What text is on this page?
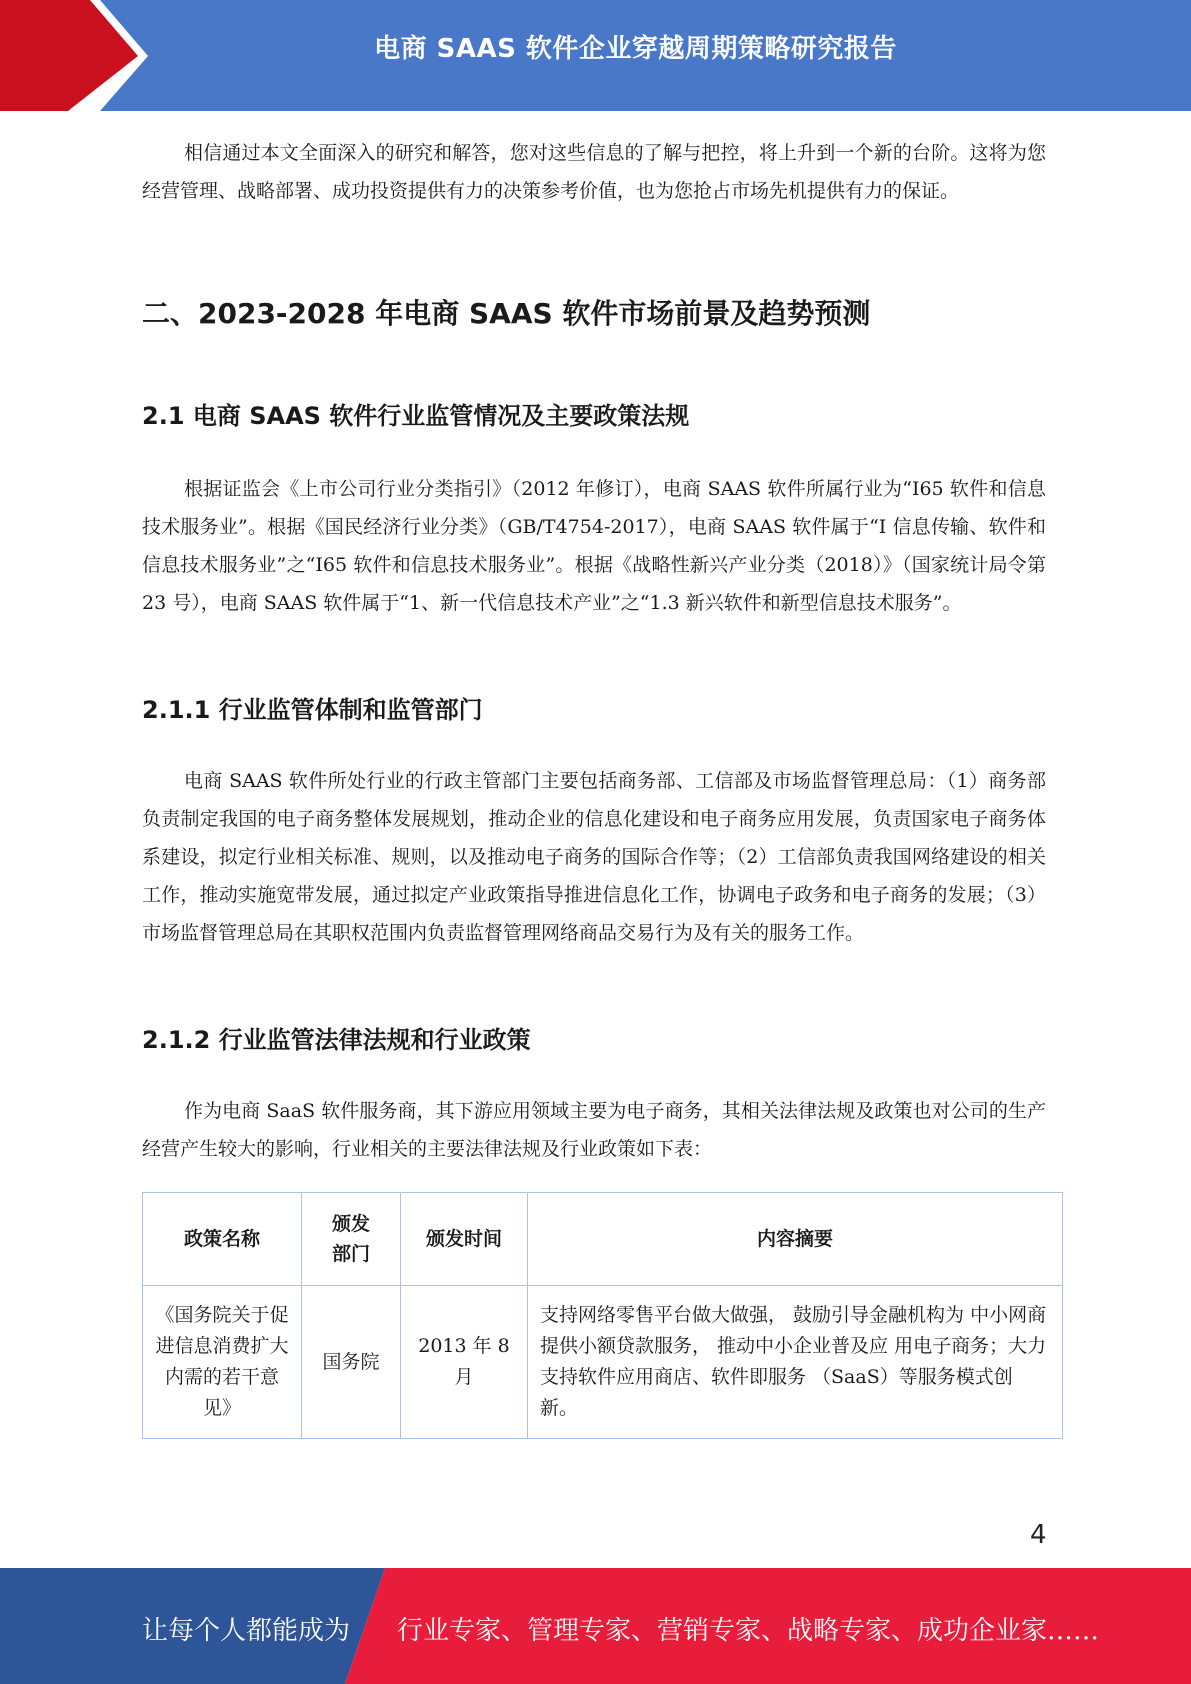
电商 SAAS 软件企业穿越周期策略研究报告

相信通过本文全面深入的研究和解答，您对这些信息的了解与把控，将上升到一个新的台阶。这将为您经营管理、战略部署、成功投资提供有力的决策参考价值，也为您抢占市场先机提供有力的保证。

二、2023-2028 年电商 SAAS 软件市场前景及趋势预测
2.1 电商 SAAS 软件行业监管情况及主要政策法规

根据证监会《上市公司行业分类指引》（2012 年修订），电商 SAAS 软件所属行业为“I65 软件和信息技术服务业”。根据《国民经济行业分类》（GB/T4754-2017），电商 SAAS 软件属于“I 信息传输、软件和信息技术服务业”之“I65 软件和信息技术服务业”。根据《战略性新兴产业分类（2018）》（国家统计局令第 23 号），电商 SAAS 软件属于“1、新一代信息技术产业”之“1.3 新兴软件和新型信息技术服务”。

2.1.1 行业监管体制和监管部门

电商 SAAS 软件所处行业的行政主管部门主要包括商务部、工信部及市场监督管理总局：（1）商务部负责制定我国的电子商务整体发展规划，推动企业的信息化建设和电子商务应用发展，负责国家电子商务体系建设，拟定行业相关标准、规则，以及推动电子商务的国际合作等；（2）工信部负责我国网络建设的相关工作，推动实施宽带发展，通过拟定产业政策指导推进信息化工作，协调电子政务和电子商务的发展；（3）市场监督管理总局在其职权范围内负责监督管理网络商品交易行为及有关的服务工作。

2.1.2 行业监管法律法规和行业政策

作为电商 SaaS 软件服务商，其下游应用领域主要为电子商务，其相关法律法规及政策也对公司的生产经营产生较大的影响，行业相关的主要法律法规及行业政策如下表：

政策名称	颁发部门	颁发时间	内容摘要
《国务院关于促进信息消费扩大内需的若干意见》	国务院	2013 年 8 月	支持网络零售平台做大做强， 鼓励引导金融机构为 中小网商提供小额贷款服务， 推动中小企业普及应 用电子商务；大力支持软件应用商店、软件即服务 （SaaS）等服务模式创新。
4
让每个人都能成为 行业专家、管理专家、营销专家、战略专家、成功企业家……
